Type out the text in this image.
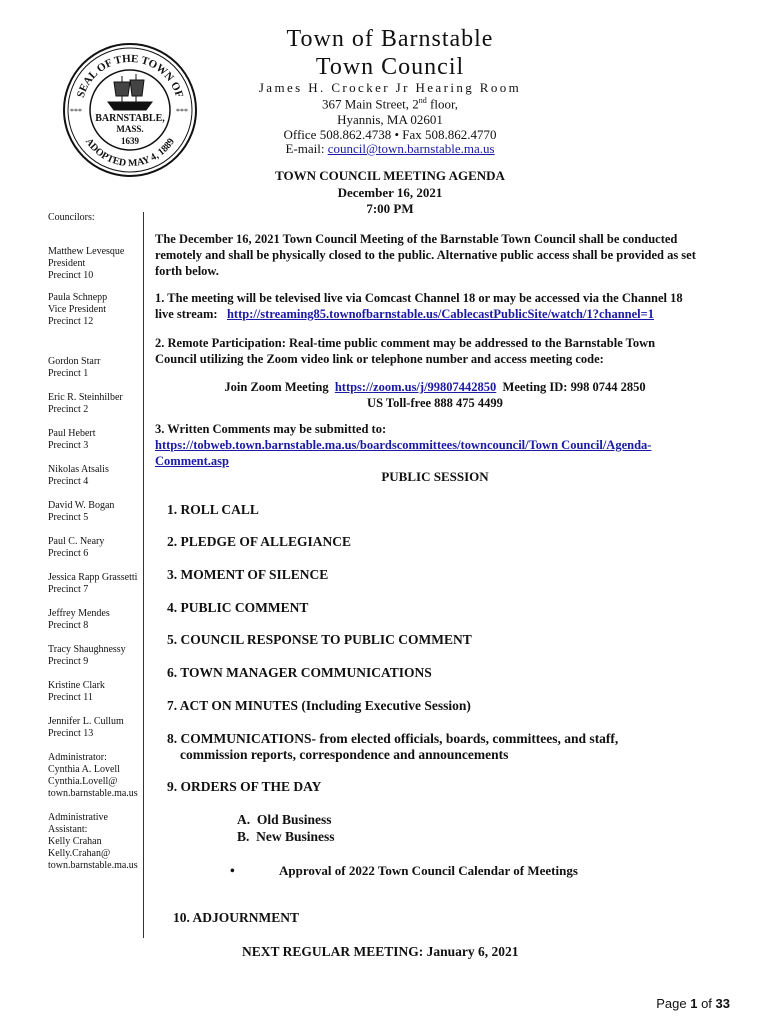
SEAL OF THE TOWN OF
ADOPTED MAY 4, 1889
BARNSTABLE,
MASS.
1639
***	***
Town of Barnstable
Town Council
James H. Crocker Jr Hearing Room
367 Main Street, 2nd floor,
Hyannis, MA 02601
Office 508.862.4738 • Fax 508.862.4770
E-mail: council@town.barnstable.ma.us
TOWN COUNCIL MEETING AGENDA
December 16, 2021
7:00 PM
Councilors:
Matthew Levesque
President
Precinct 10
Paula Schnepp
Vice President
Precinct 12
Gordon Starr
Precinct 1
Eric R. Steinhilber
Precinct 2
Paul Hebert
Precinct 3
Nikolas Atsalis
Precinct 4
David W. Bogan
Precinct 5
Paul C. Neary
Precinct 6
Jessica Rapp Grassetti
Precinct 7
Jeffrey Mendes
Precinct 8
Tracy Shaughnessy
Precinct 9
Kristine Clark
Precinct 11
Jennifer L. Cullum
Precinct 13
Administrator:
Cynthia A. Lovell
Cynthia.Lovell@
town.barnstable.ma.us
Administrative
Assistant:
Kelly Crahan
Kelly.Crahan@
town.barnstable.ma.us
The December 16, 2021 Town Council Meeting of the Barnstable Town Council shall be conducted
remotely and shall be physically closed to the public. Alternative public access shall be provided as set
forth below.
1. The meeting will be televised live via Comcast Channel 18 or may be accessed via the Channel 18
live stream:   http://streaming85.townofbarnstable.us/CablecastPublicSite/watch/1?channel=1
2. Remote Participation: Real-time public comment may be addressed to the Barnstable Town
Council utilizing the Zoom video link or telephone number and access meeting code:
Join Zoom Meeting  https://zoom.us/j/99807442850  Meeting ID: 998 0744 2850
US Toll-free 888 475 4499
3. Written Comments may be submitted to:
https://tobweb.town.barnstable.ma.us/boardscommittees/towncouncil/Town Council/Agenda-
Comment.asp
PUBLIC SESSION
1. ROLL CALL
2. PLEDGE OF ALLEGIANCE
3. MOMENT OF SILENCE
4. PUBLIC COMMENT
5. COUNCIL RESPONSE TO PUBLIC COMMENT
6. TOWN MANAGER COMMUNICATIONS
7. ACT ON MINUTES (Including Executive Session)
8. COMMUNICATIONS- from elected officials, boards, committees, and staff,
commission reports, correspondence and announcements
9. ORDERS OF THE DAY
A. Old Business
B. New Business
•	Approval of 2022 Town Council Calendar of Meetings
10. ADJOURNMENT
NEXT REGULAR MEETING: January 6, 2021
Page 1 of 33
